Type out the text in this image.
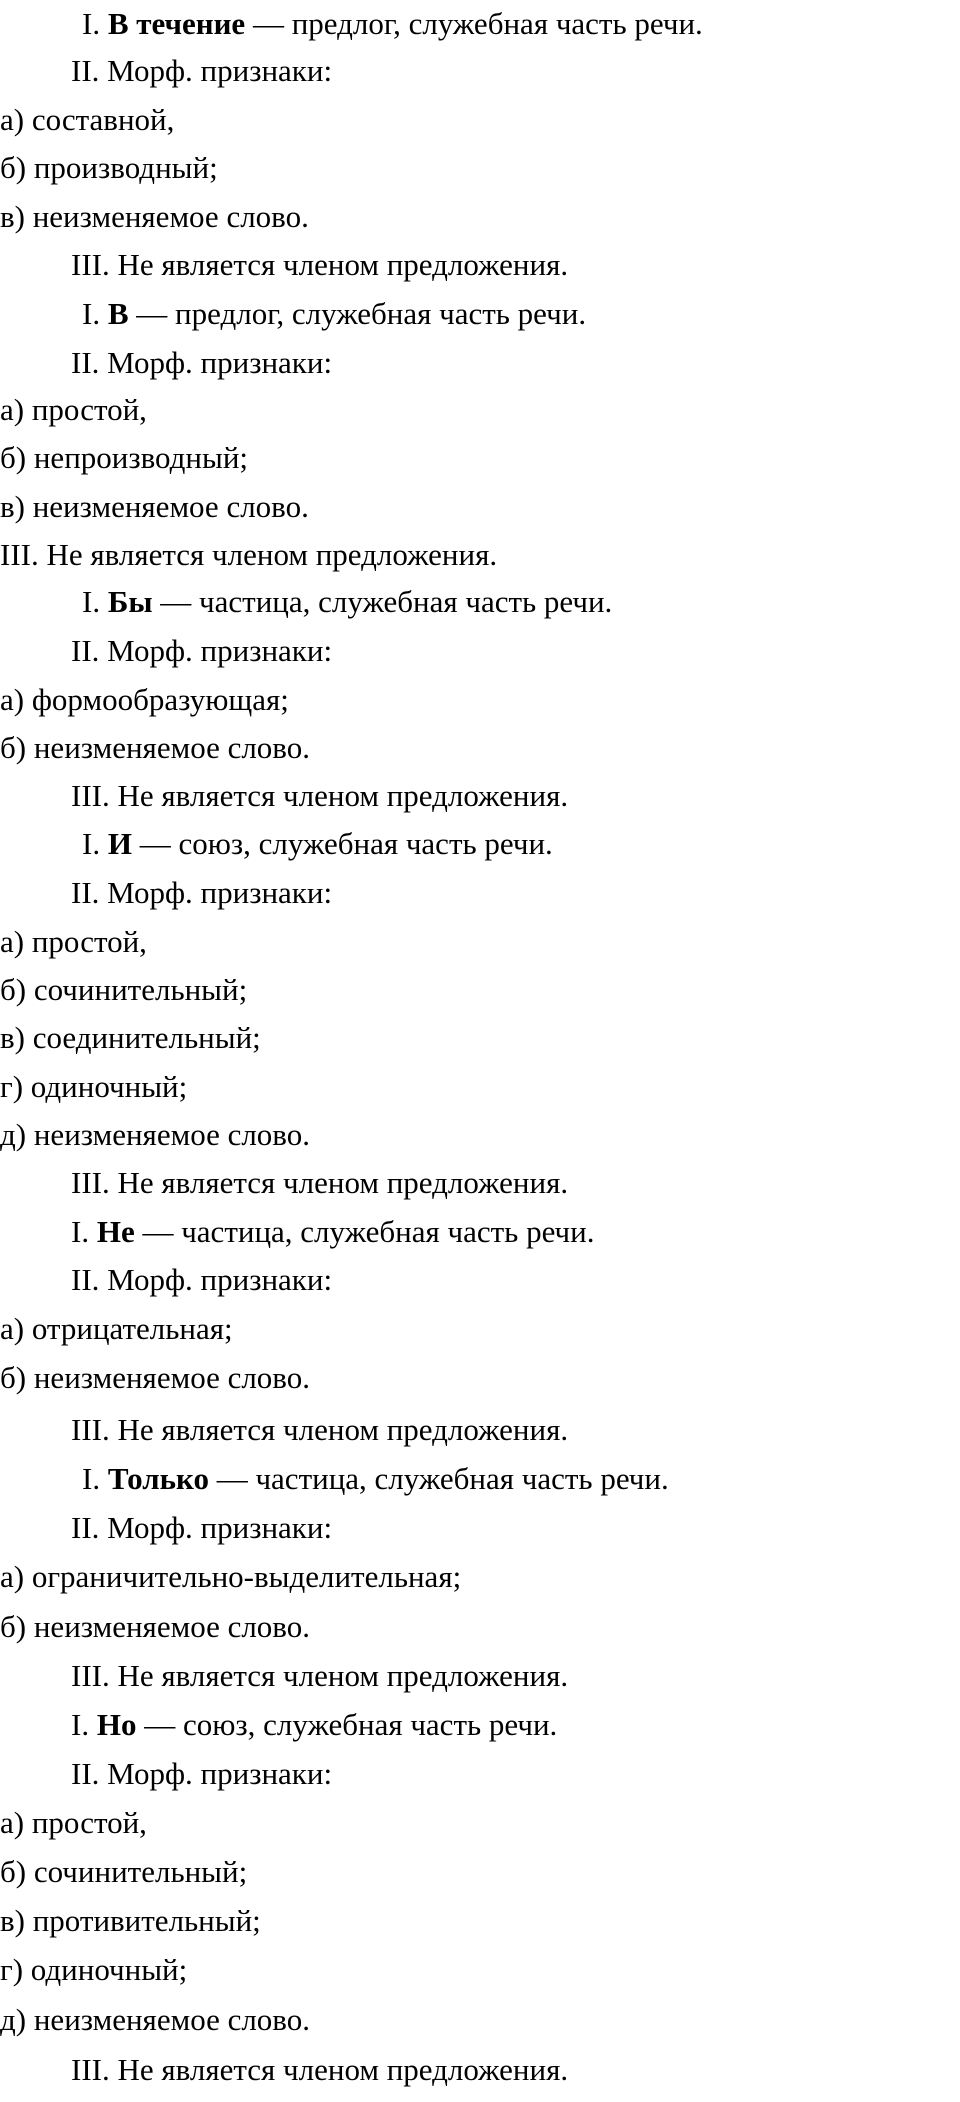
I. В течение — предлог, служебная часть речи.
II. Морф. признаки:
а) составной,
б) производный;
в) неизменяемое слово.
III. Не является членом предложения.
I. В — предлог, служебная часть речи.
II. Морф. признаки:
а) простой,
б) непроизводный;
в) неизменяемое слово.
III. Не является членом предложения.
I. Бы — частица, служебная часть речи.
II. Морф. признаки:
а) формообразующая;
б) неизменяемое слово.
III. Не является членом предложения.
I. И — союз, служебная часть речи.
II. Морф. признаки:
а) простой,
б) сочинительный;
в) соединительный;
г) одиночный;
д) неизменяемое слово.
III. Не является членом предложения.
I. Не — частица, служебная часть речи.
II. Морф. признаки:
а) отрицательная;
б) неизменяемое слово.
III. Не является членом предложения.
I. Только — частица, служебная часть речи.
II. Морф. признаки:
а) ограничительно-выделительная;
б) неизменяемое слово.
III. Не является членом предложения.
I. Но — союз, служебная часть речи.
II. Морф. признаки:
а) простой,
б) сочинительный;
в) противительный;
г) одиночный;
д) неизменяемое слово.
III. Не является членом предложения.
